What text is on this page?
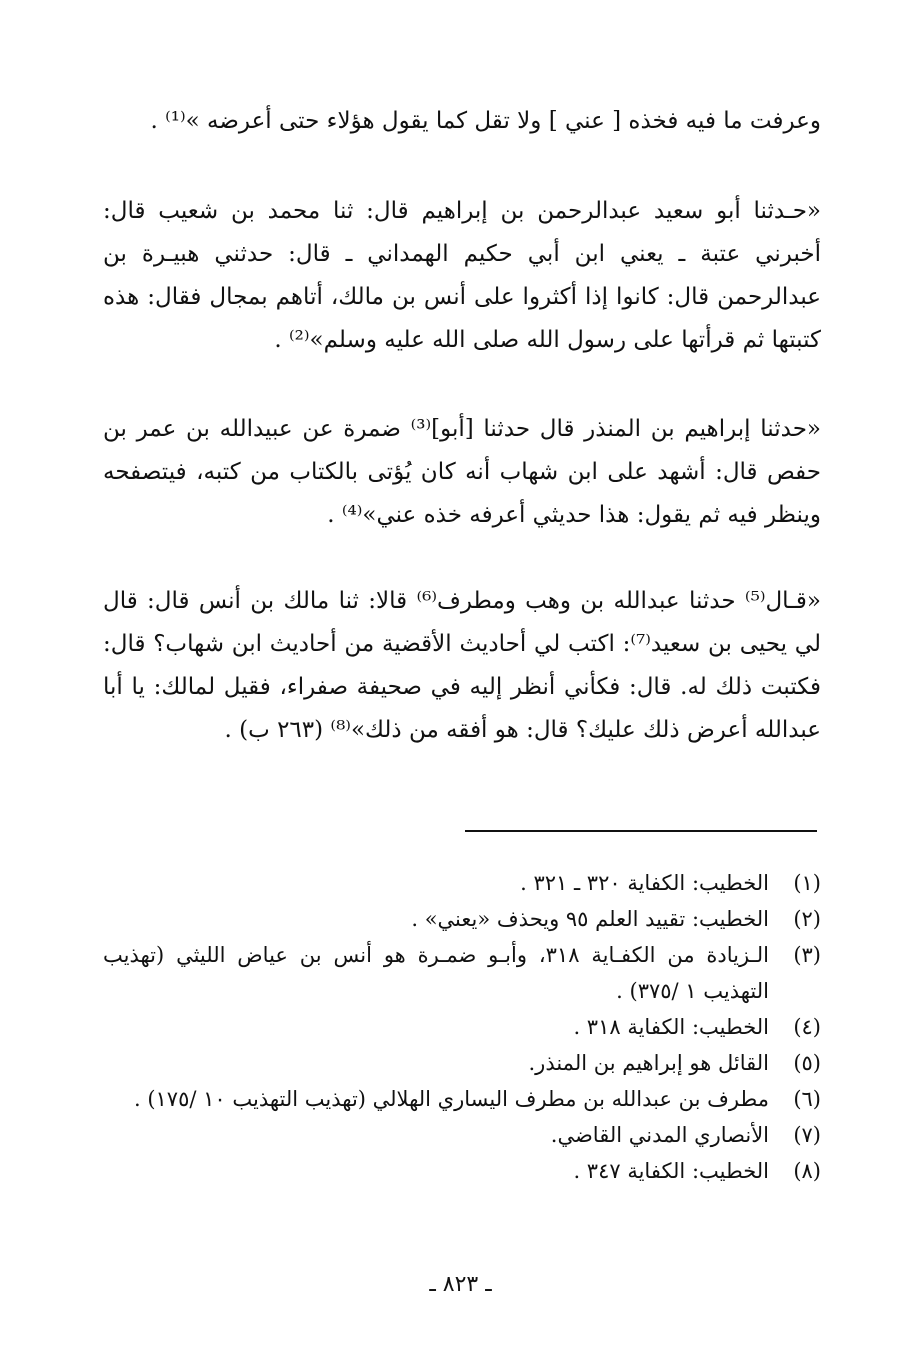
وعرفت ما فيه فخذه [ عني ] ولا تقل كما يقول هؤلاء حتى أعرضه »⁽¹⁾ .

«حـدثنا أبو سعيد عبدالرحمن بن إبراهيم قال: ثنا محمد بن شعيب قال: أخبرني عتبة ـ يعني ابن أبي حكيم الهمداني ـ قال: حدثني هبيـرة بن عبدالرحمن قال: كانوا إذا أكثروا على أنس بن مالك، أتاهم بمجال فقال: هذه كتبتها ثم قرأتها على رسول الله صلى الله عليه وسلم»⁽²⁾ .

«حدثنا إبراهيم بن المنذر قال حدثنا [أبو]⁽³⁾ ضمرة عن عبيدالله بن عمر بن حفص قال: أشهد على ابن شهاب أنه كان يُؤتى بالكتاب من كتبه، فيتصفحه وينظر فيه ثم يقول: هذا حديثي أعرفه خذه عني»⁽⁴⁾ .

«قـال⁽⁵⁾ حدثنا عبدالله بن وهب ومطرف⁽⁶⁾ قالا: ثنا مالك بن أنس قال: قال لي يحيى بن سعيد⁽⁷⁾: اكتب لي أحاديث الأقضية من أحاديث ابن شهاب؟ قال: فكتبت ذلك له. قال: فكأني أنظر إليه في صحيفة صفراء، فقيل لمالك: يا أبا عبدالله أعرض ذلك عليك؟ قال: هو أفقه من ذلك»⁽⁸⁾ (٢٦٣ ب) .

(١)
الخطيب: الكفاية ٣٢٠ ـ ٣٢١ .
(٢)
الخطيب: تقييد العلم ٩٥ ويحذف «يعني» .
(٣)
الـزيادة من الكفـاية ٣١٨، وأبـو ضمـرة هو أنس بن عياض الليثي (تهذيب التهذيب ١ /٣٧٥) .
(٤)
الخطيب: الكفاية ٣١٨ .
(٥)
القائل هو إبراهيم بن المنذر.
(٦)
مطرف بن عبدالله بن مطرف اليساري الهلالي (تهذيب التهذيب ١٠ /١٧٥) .
(٧)
الأنصاري المدني القاضي.
(٨)
الخطيب: الكفاية ٣٤٧ .
ـ ٨٢٣ ـ
